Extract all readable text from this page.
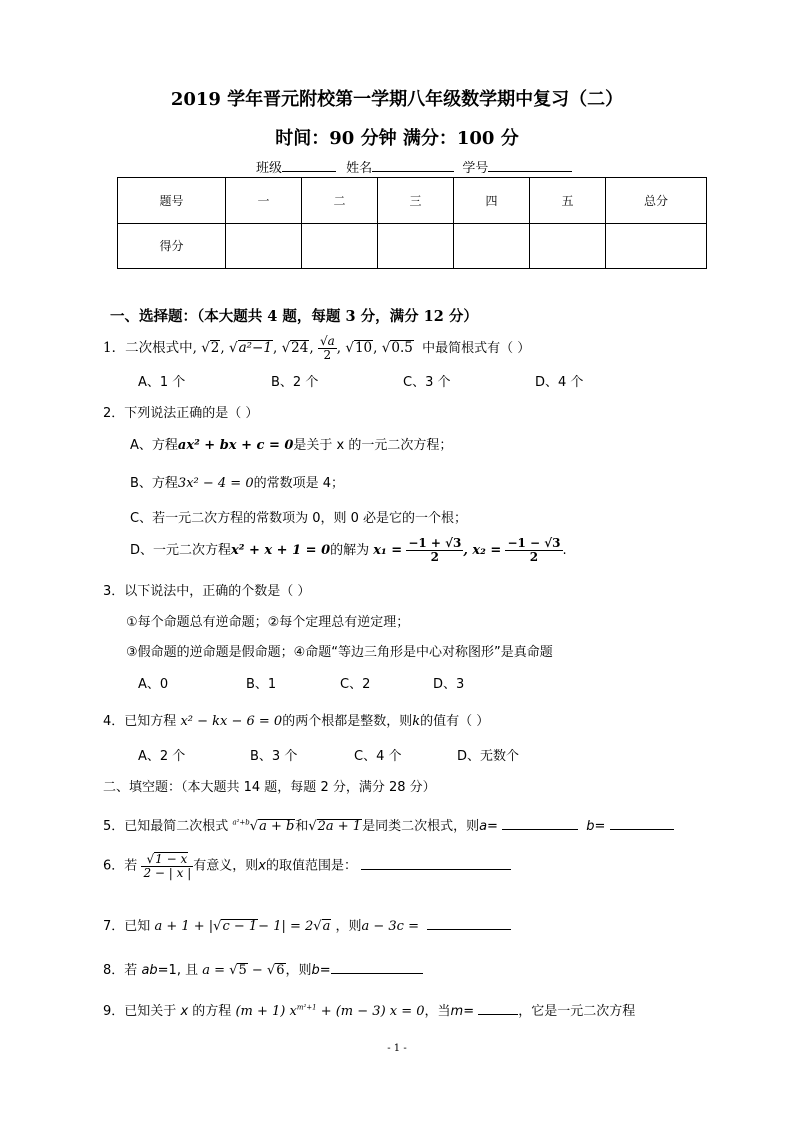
2019 学年晋元附校第一学期八年级数学期中复习（二）
时间：90 分钟 满分：100 分
班级	姓名	学号
题号	一	二	三	四	五	总分
得分						
一、选择题：（本大题共 4 题，每题 3 分，满分 12 分）
1．二次根式中, √2, √a²−1, √24, $\frac{√a}{2}$ , √10, √0.5 中最简根式有（ ）
A、1 个	B、2 个	C、3 个	D、4 个
2．下列说法正确的是（ ）
A、方程ax² + bx + c = 0是关于 x 的一元二次方程；
B、方程3x² − 4 = 0的常数项是 4；
C、若一元二次方程的常数项为 0，则 0 必是它的一个根；
D、一元二次方程x² + x + 1 = 0的解为 $x_1 = \frac{-1 + √3}{2}$ , $x_2 = \frac{-1 - √3}{2}$ .
3．以下说法中，正确的个数是（ ）
①每个命题总有逆命题；②每个定理总有逆定理；
③假命题的逆命题是假命题；④命题“等边三角形是中心对称图形”是真命题
A、0	B、1	C、2	D、3
4．已知方程 x² − kx − 6 = 0的两个根都是整数，则k的值有（ ）
A、2 个	B、3 个	C、4 个	D、无数个
二、填空题：（本大题共 14 题，每题 2 分，满分 28 分）
5．已知最简二次根式 $^{a^2+b}$√a + b和√2a + 1是同类二次根式，则a=	b=
6．若 $\frac{√1 - x}{2 - | x |}$ 有意义，则x的取值范围是：
7．已知 a + 1 + |√c − 1− 1| = 2√a ，则a − 3c =
8．若 ab=1, 且 a = √5 − √6，则b=
9．已知关于 x 的方程 (m + 1) $x^{m^2+1} + (m - 3) x = 0$，当m=	，它是一元二次方程
- 1 -
